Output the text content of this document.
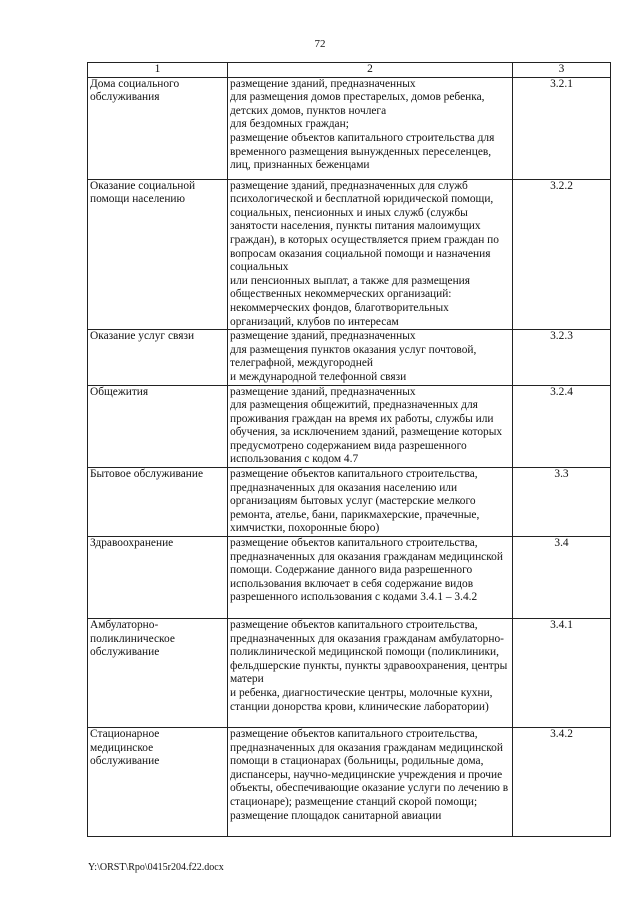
72
1	2	3
Дома социального обслуживания	размещение зданий, предназначенных
для размещения домов престарелых, домов ребенка, детских домов, пунктов ночлега
для бездомных граждан;
размещение объектов капитального строительства для временного размещения вынужденных переселенцев, лиц, признанных беженцами	3.2.1
Оказание социальной помощи населению	размещение зданий, предназначенных для служб психологической и бесплатной юридической помощи, социальных, пенсионных и иных служб (службы занятости населения, пункты питания малоимущих граждан), в которых осуществляется прием граждан по вопросам оказания социальной помощи и назначения социальных
или пенсионных выплат, а также для размещения общественных некоммерческих организаций: некоммерческих фондов, благотворительных организаций, клубов по интересам	3.2.2
Оказание услуг связи	размещение зданий, предназначенных
для размещения пунктов оказания услуг почтовой, телеграфной, междугородней
и международной телефонной связи	3.2.3
Общежития	размещение зданий, предназначенных
для размещения общежитий, предназначенных для проживания граждан на время их работы, службы или обучения, за исключением зданий, размещение которых предусмотрено содержанием вида разрешенного использования с кодом 4.7	3.2.4
Бытовое обслуживание	размещение объектов капитального строительства, предназначенных для оказания населению или организациям бытовых услуг (мастерские мелкого ремонта, ателье, бани, парикмахерские, прачечные, химчистки, похоронные бюро)	3.3
Здравоохранение	размещение объектов капитального строительства, предназначенных для оказания гражданам медицинской помощи. Содержание данного вида разрешенного использования включает в себя содержание видов разрешенного использования с кодами 3.4.1 – 3.4.2	3.4
Амбулаторно-поликлиническое обслуживание	размещение объектов капитального строительства, предназначенных для оказания гражданам амбулаторно-поликлинической медицинской помощи (поликлиники, фельдшерские пункты, пункты здравоохранения, центры матери
и ребенка, диагностические центры, молочные кухни, станции донорства крови, клинические лаборатории)	3.4.1
Стационарное медицинское обслуживание	размещение объектов капитального строительства, предназначенных для оказания гражданам медицинской помощи в стационарах (больницы, родильные дома, диспансеры, научно-медицинские учреждения и прочие объекты, обеспечивающие оказание услуги по лечению в стационаре); размещение станций скорой помощи; размещение площадок санитарной авиации	3.4.2
Y:\ORST\Rpo\0415r204.f22.docx
